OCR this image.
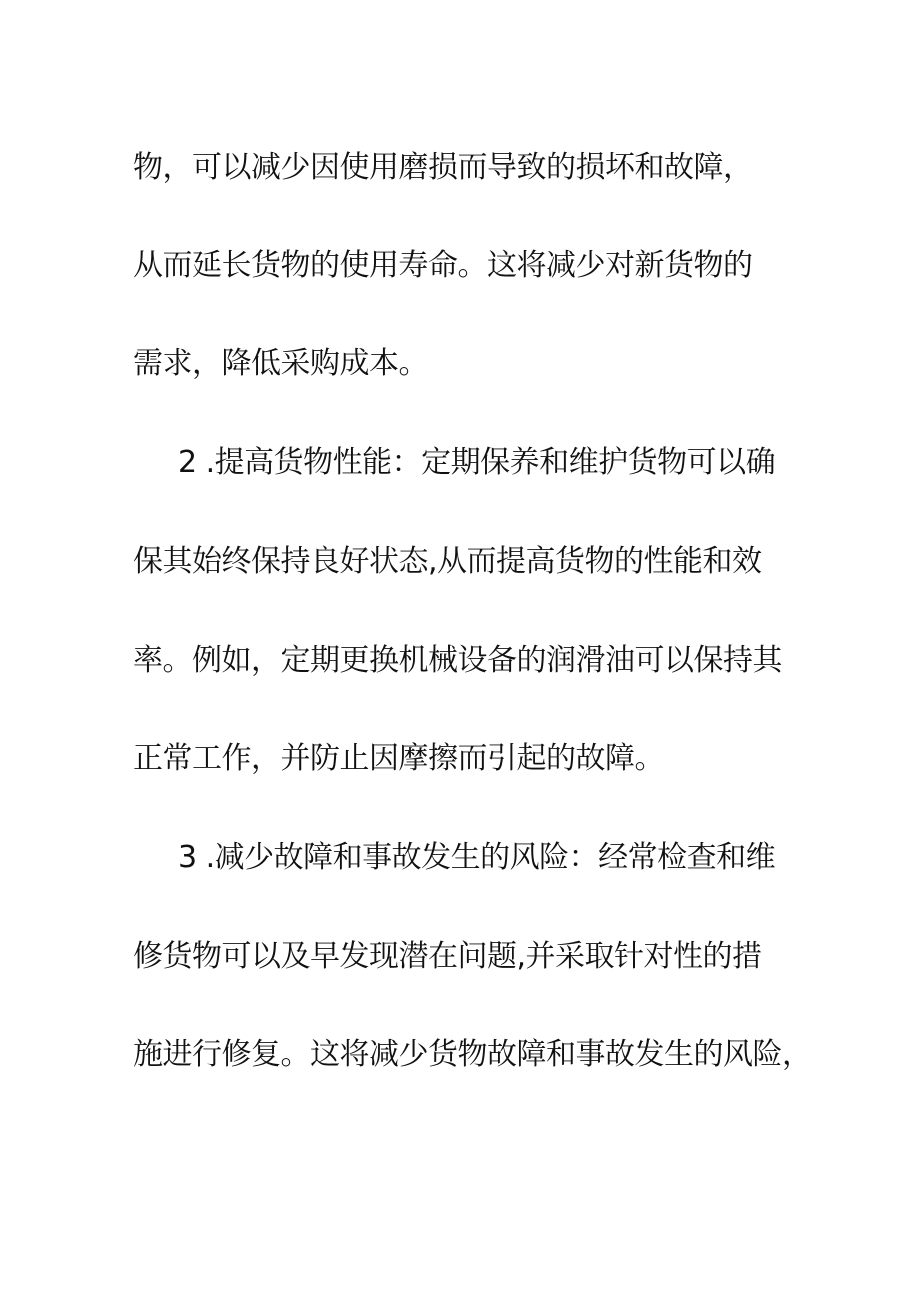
物，可以减少因使用磨损而导致的损坏和故障，
从而延长货物的使用寿命。这将减少对新货物的
需求，降低采购成本。
2 .提高货物性能：定期保养和维护货物可以确
保其始终保持良好状态,从而提高货物的性能和效
率。例如，定期更换机械设备的润滑油可以保持其
正常工作，并防止因摩擦而引起的故障。
3 .减少故障和事故发生的风险：经常检查和维
修货物可以及早发现潜在问题,并采取针对性的措
施进行修复。这将减少货物故障和事故发生的风险，
